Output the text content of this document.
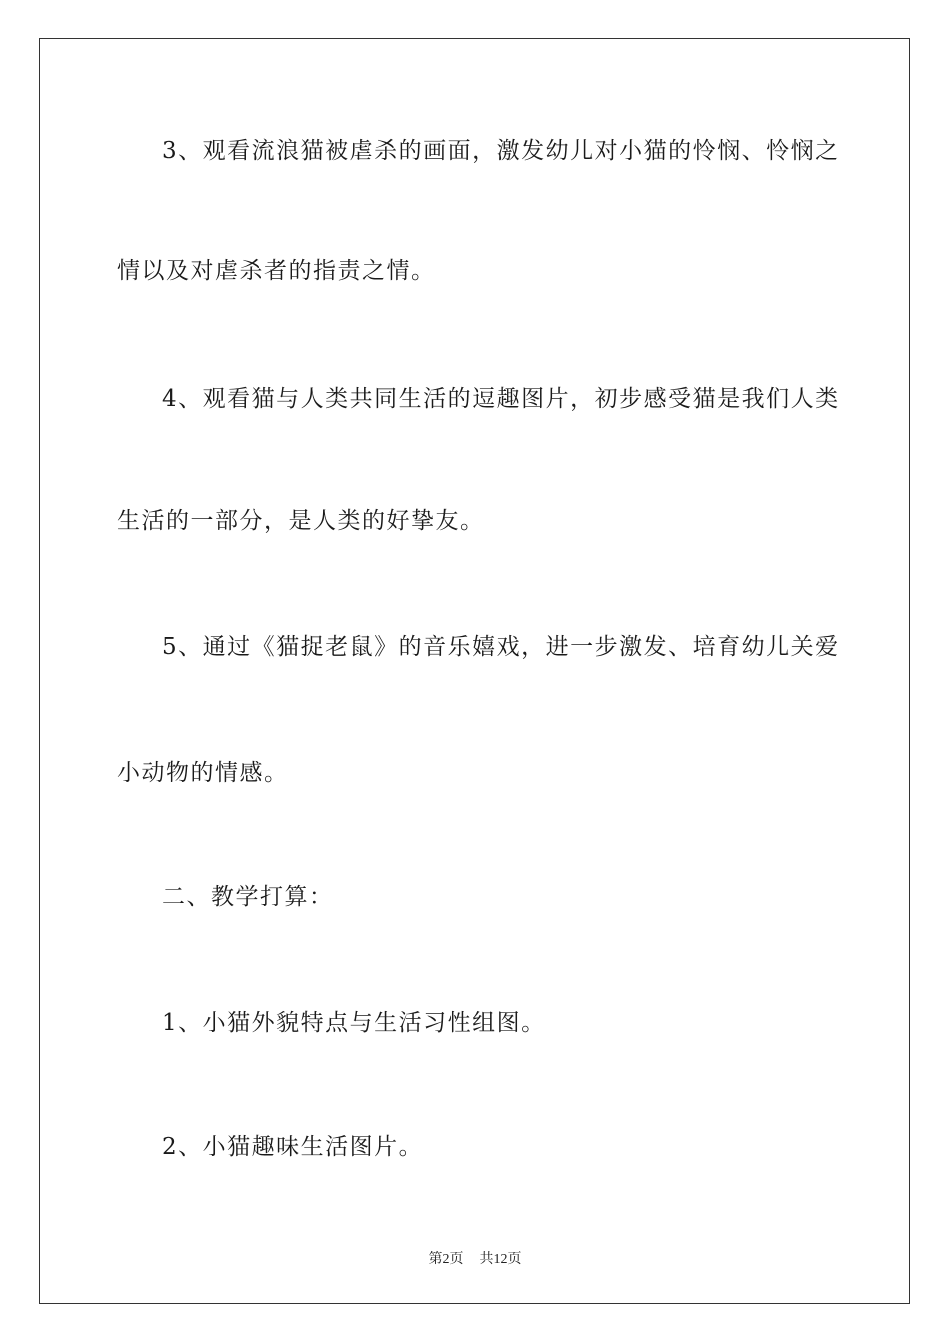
3、观看流浪猫被虐杀的画面，激发幼儿对小猫的怜悯、怜悯之
情以及对虐杀者的指责之情。
4、观看猫与人类共同生活的逗趣图片，初步感受猫是我们人类
生活的一部分，是人类的好挚友。
5、通过《猫捉老鼠》的音乐嬉戏，进一步激发、培育幼儿关爱
小动物的情感。
二、教学打算：
1、小猫外貌特点与生活习性组图。
2、小猫趣味生活图片。
第2页 共12页
